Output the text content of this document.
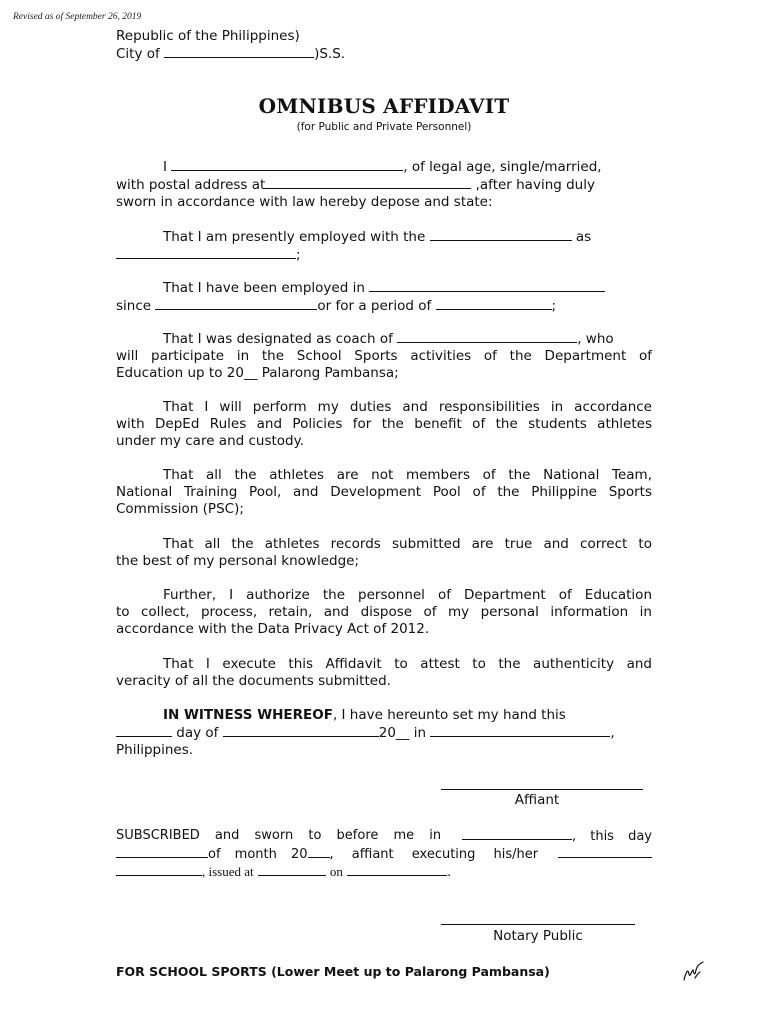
Revised as of September 26, 2019
Republic of the Philippines)
City of	)S.S.
OMNIBUS AFFIDAVIT
(for Public and Private Personnel)

I	, of legal age, single/married,

with postal address at	,after having duly

sworn in accordance with law hereby depose and state:

That I am presently employed with the	as

;

That I have been employed in

since	or for a period of	;

That I was designated as coach of	, who

will participate in the School Sports activities of the Department of

Education up to 20__ Palarong Pambansa;

That I will perform my duties and responsibilities in accordance

with DepEd Rules and Policies for the benefit of the students athletes

under my care and custody.

That all the athletes are not members of the National Team,

National Training Pool, and Development Pool of the Philippine Sports

Commission (PSC);

That all the athletes records submitted are true and correct to

the best of my personal knowledge;

Further, I authorize the personnel of Department of Education

to collect, process, retain, and dispose of my personal information in

accordance with the Data Privacy Act of 2012.

That I execute this Affidavit to attest to the authenticity and

veracity of all the documents submitted.

IN WITNESS WHEREOF, I have hereunto set my hand this

day of	20__ in	,

Philippines.

Affiant
SUBSCRIBED and sworn to before me in	, this day
of month 20 , affiant executing his/her
, issued at	on	.
Notary Public
FOR SCHOOL SPORTS (Lower Meet up to Palarong Pambansa)
